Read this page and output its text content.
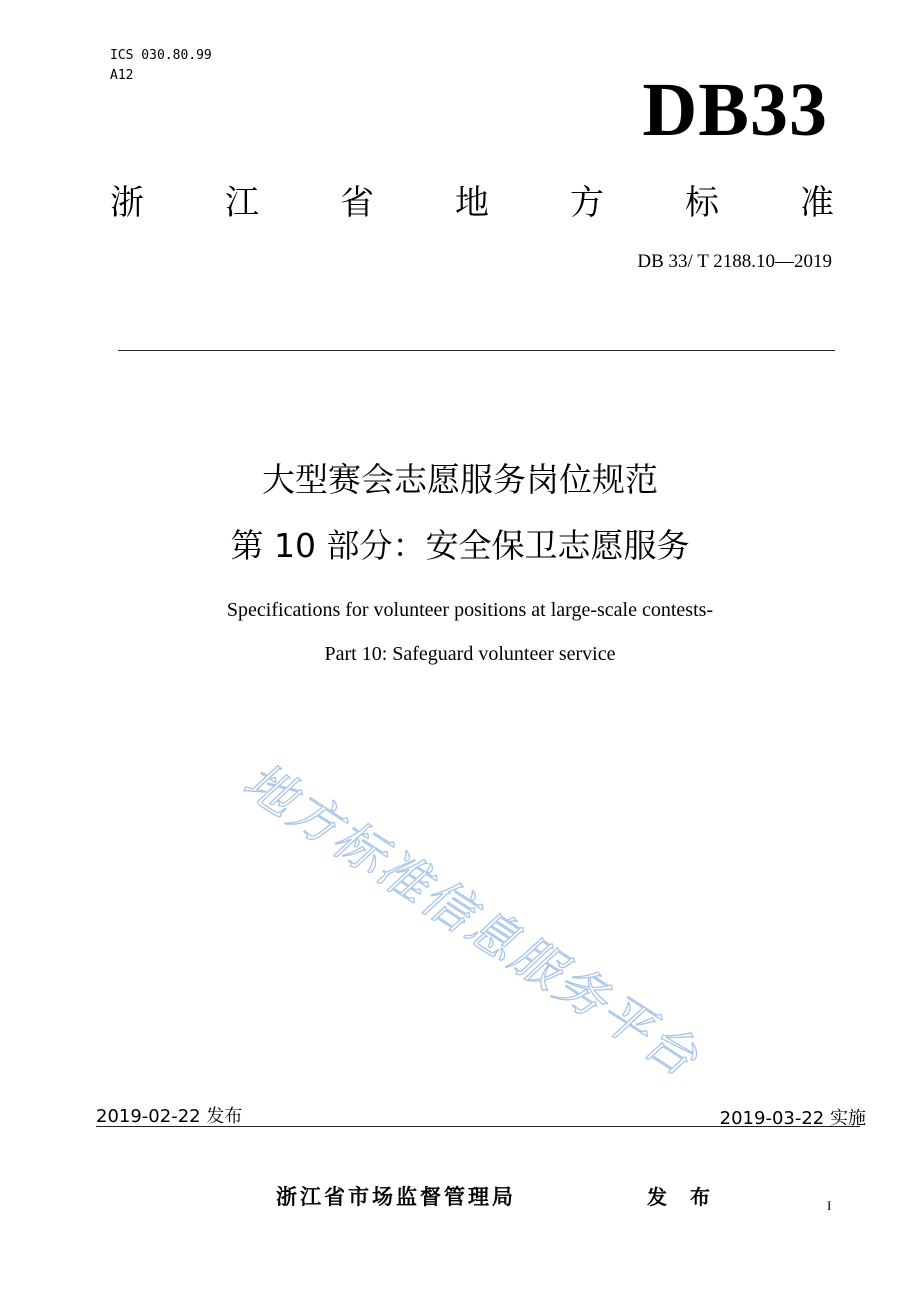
ICS 030.80.99
A12	DB33
浙 江 省 地 方 标 准
DB 33/ T 2188.10—2019
大型赛会志愿服务岗位规范
第 10 部分：安全保卫志愿服务
Specifications for volunteer positions at large-scale contests-
Part 10: Safeguard volunteer service
地方标准信息服务平台
2019-02-22 发布	2019-03-22 实施
浙江省市场监督管理局	发 布	I
